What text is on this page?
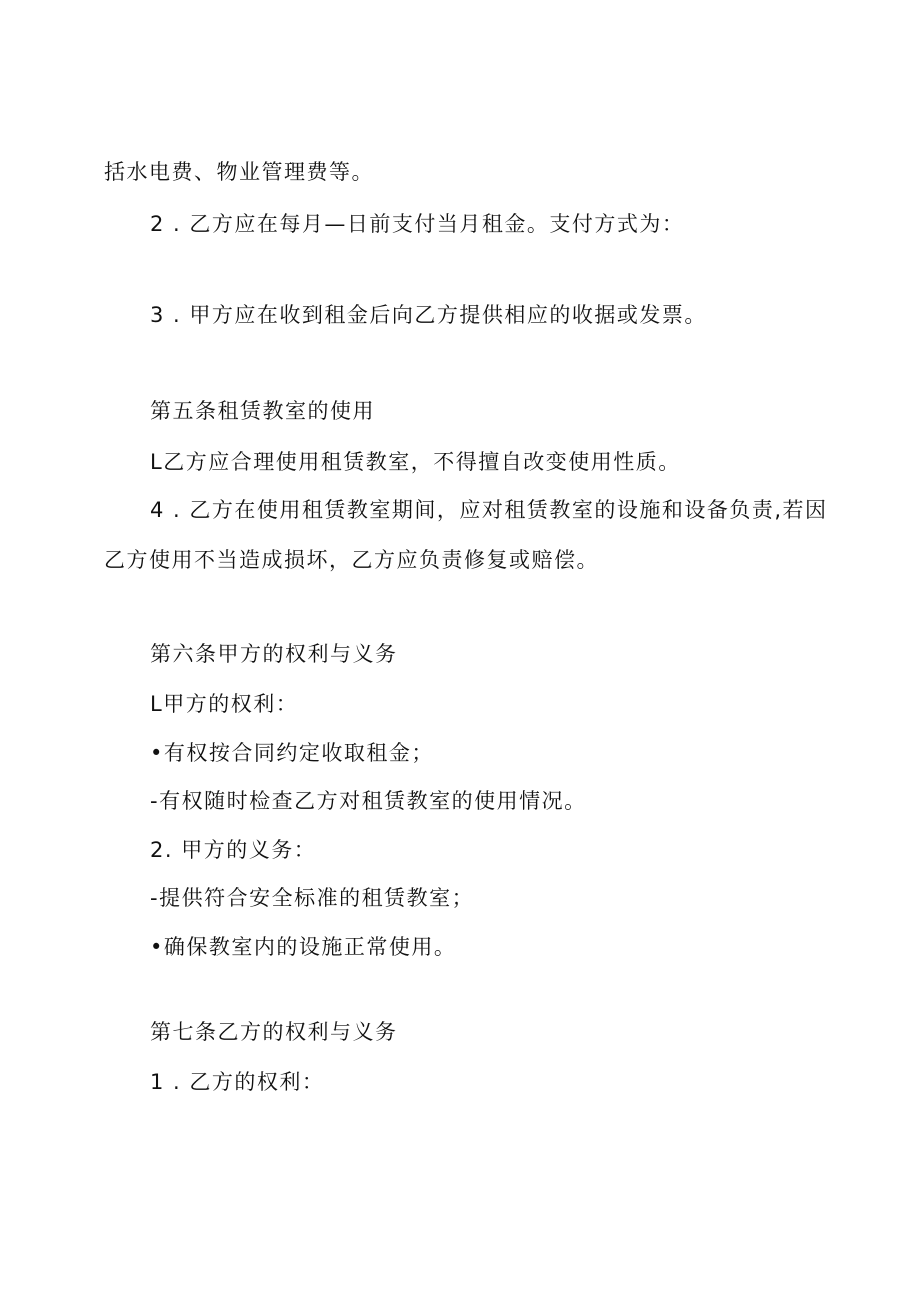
括水电费、物业管理费等。

2 . 乙方应在每月—日前支付当月租金。支付方式为：

3 . 甲方应在收到租金后向乙方提供相应的收据或发票。

第五条租赁教室的使用

L乙方应合理使用租赁教室，不得擅自改变使用性质。

4 . 乙方在使用租赁教室期间，应对租赁教室的设施和设备负责,若因

乙方使用不当造成损坏，乙方应负责修复或赔偿。

第六条甲方的权利与义务

L甲方的权利：

•有权按合同约定收取租金；

-有权随时检查乙方对租赁教室的使用情况。

2. 甲方的义务：

-提供符合安全标准的租赁教室；

•确保教室内的设施正常使用。

第七条乙方的权利与义务

1 . 乙方的权利：
